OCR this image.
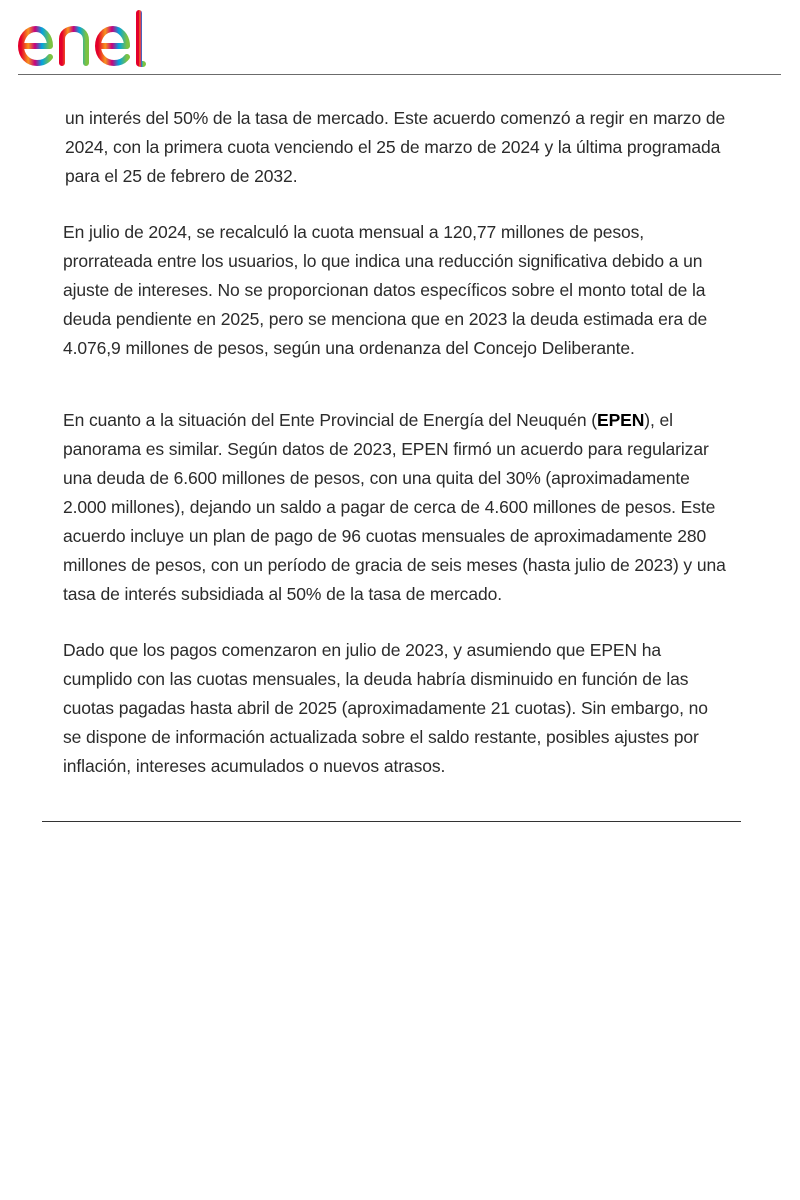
un interés del 50% de la tasa de mercado. Este acuerdo comenzó a regir en marzo de 2024, con la primera cuota venciendo el 25 de marzo de 2024 y la última programada para el 25 de febrero de 2032.

En julio de 2024, se recalculó la cuota mensual a 120,77 millones de pesos, prorrateada entre los usuarios, lo que indica una reducción significativa debido a un ajuste de intereses. No se proporcionan datos específicos sobre el monto total de la deuda pendiente en 2025, pero se menciona que en 2023 la deuda estimada era de 4.076,9 millones de pesos, según una ordenanza del Concejo Deliberante.

En cuanto a la situación del Ente Provincial de Energía del Neuquén (EPEN), el panorama es similar. Según datos de 2023, EPEN firmó un acuerdo para regularizar una deuda de 6.600 millones de pesos, con una quita del 30% (aproximadamente 2.000 millones), dejando un saldo a pagar de cerca de 4.600 millones de pesos. Este acuerdo incluye un plan de pago de 96 cuotas mensuales de aproximadamente 280 millones de pesos, con un período de gracia de seis meses (hasta julio de 2023) y una tasa de interés subsidiada al 50% de la tasa de mercado.

Dado que los pagos comenzaron en julio de 2023, y asumiendo que EPEN ha cumplido con las cuotas mensuales, la deuda habría disminuido en función de las cuotas pagadas hasta abril de 2025 (aproximadamente 21 cuotas). Sin embargo, no se dispone de información actualizada sobre el saldo restante, posibles ajustes por inflación, intereses acumulados o nuevos atrasos.
